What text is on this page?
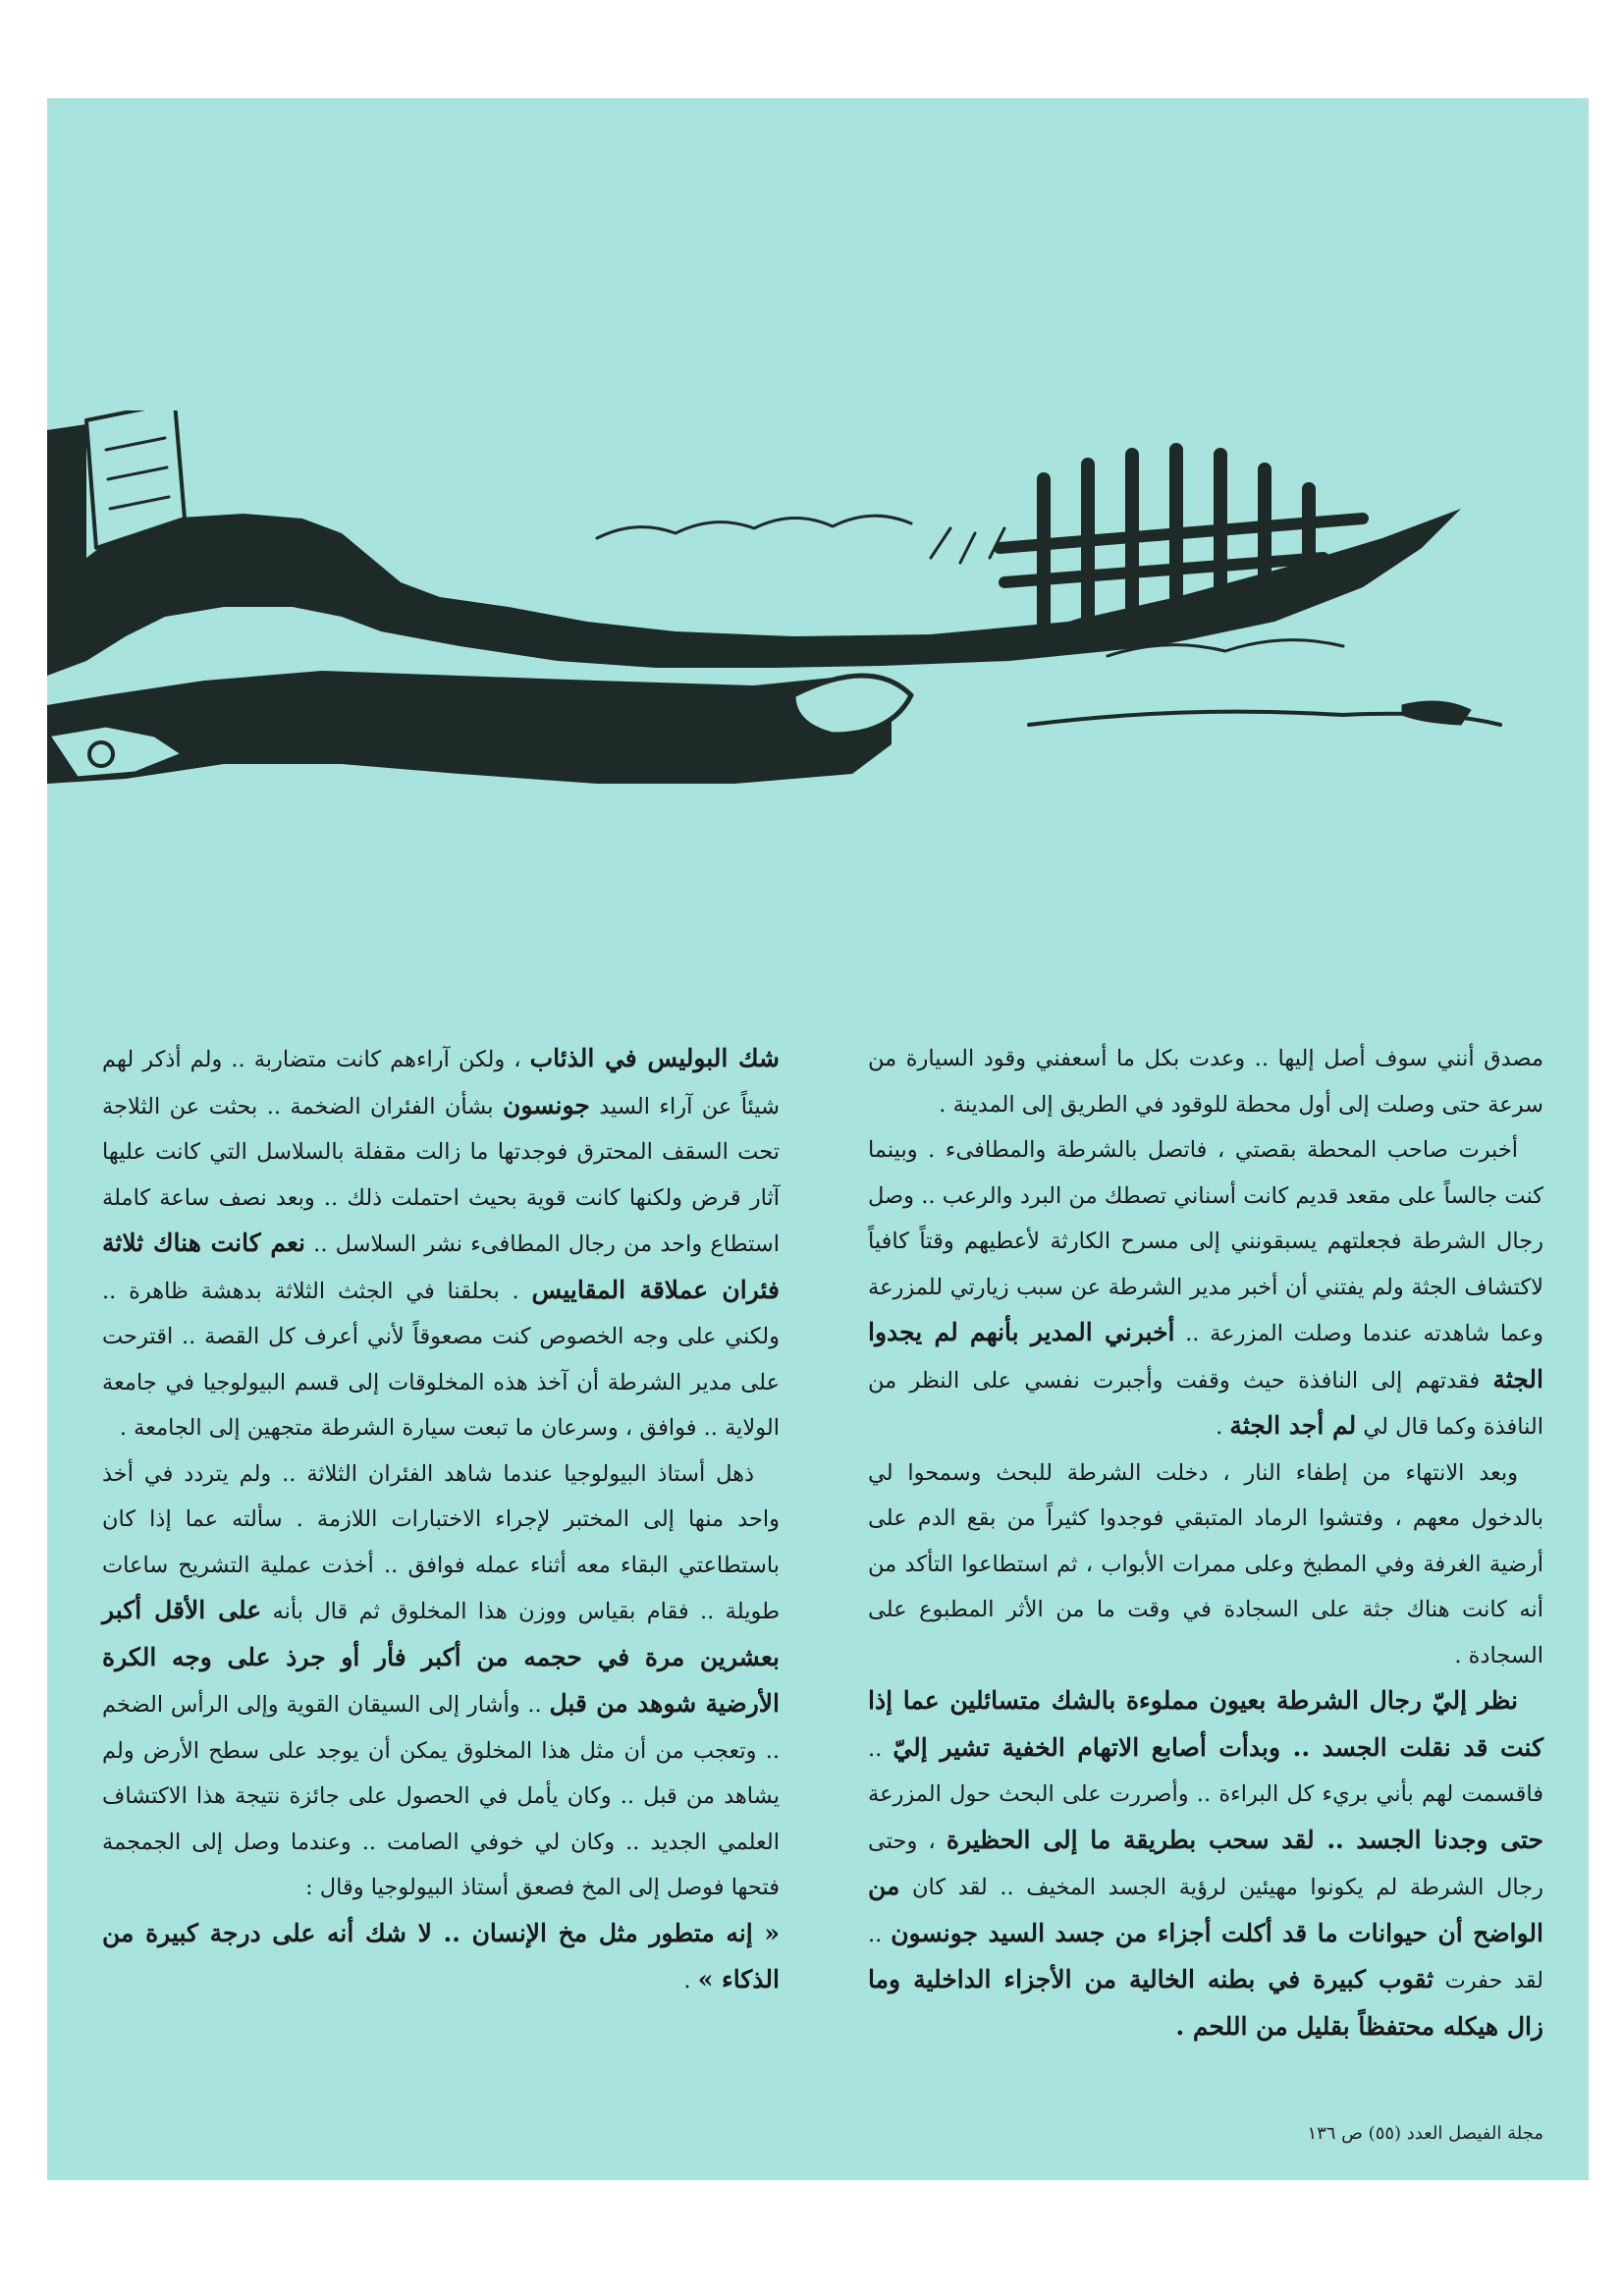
مصدق أنني سوف أصل إليها .. وعدت بكل ما أسعفني وقود السيارة من سرعة حتى وصلت إلى أول محطة للوقود في الطريق إلى المدينة .

أخبرت صاحب المحطة بقصتي ، فاتصل بالشرطة والمطافىء . وبينما كنت جالساً على مقعد قديم كانت أسناني تصطك من البرد والرعب .. وصل رجال الشرطة فجعلتهم يسبقونني إلى مسرح الكارثة لأعطيهم وقتاً كافياً لاكتشاف الجثة ولم يفتني أن أخبر مدير الشرطة عن سبب زيارتي للمزرعة وعما شاهدته عندما وصلت المزرعة .. أخبرني المدير بأنهم لم يجدوا الجثة فقدتهم إلى النافذة حيث وقفت وأجبرت نفسي على النظر من النافذة وكما قال لي لم أجد الجثة .

وبعد الانتهاء من إطفاء النار ، دخلت الشرطة للبحث وسمحوا لي بالدخول معهم ، وفتشوا الرماد المتبقي فوجدوا كثيراً من بقع الدم على أرضية الغرفة وفي المطبخ وعلى ممرات الأبواب ، ثم استطاعوا التأكد من أنه كانت هناك جثة على السجادة في وقت ما من الأثر المطبوع على السجادة .

نظر إليّ رجال الشرطة بعيون مملوءة بالشك متسائلين عما إذا كنت قد نقلت الجسد .. وبدأت أصابع الاتهام الخفية تشير إليّ .. فاقسمت لهم بأني بريء كل البراءة .. وأصررت على البحث حول المزرعة حتى وجدنا الجسد .. لقد سحب بطريقة ما إلى الحظيرة ، وحتى رجال الشرطة لم يكونوا مهيئين لرؤية الجسد المخيف .. لقد كان من الواضح أن حيوانات ما قد أكلت أجزاء من جسد السيد جونسون .. لقد حفرت ثقوب كبيرة في بطنه الخالية من الأجزاء الداخلية وما زال هيكله محتفظاً بقليل من اللحم .

شك البوليس في الذئاب ، ولكن آراءهم كانت متضاربة .. ولم أذكر لهم شيئاً عن آراء السيد جونسون بشأن الفئران الضخمة .. بحثت عن الثلاجة تحت السقف المحترق فوجدتها ما زالت مقفلة بالسلاسل التي كانت عليها آثار قرض ولكنها كانت قوية بحيث احتملت ذلك .. وبعد نصف ساعة كاملة استطاع واحد من رجال المطافىء نشر السلاسل .. نعم كانت هناك ثلاثة فئران عملاقة المقاييس . بحلقنا في الجثث الثلاثة بدهشة ظاهرة .. ولكني على وجه الخصوص كنت مصعوقاً لأني أعرف كل القصة .. اقترحت على مدير الشرطة أن آخذ هذه المخلوقات إلى قسم البيولوجيا في جامعة الولاية .. فوافق ، وسرعان ما تبعت سيارة الشرطة متجهين إلى الجامعة .

ذهل أستاذ البيولوجيا عندما شاهد الفئران الثلاثة .. ولم يتردد في أخذ واحد منها إلى المختبر لإجراء الاختبارات اللازمة . سألته عما إذا كان باستطاعتي البقاء معه أثناء عمله فوافق .. أخذت عملية التشريح ساعات طويلة .. فقام بقياس ووزن هذا المخلوق ثم قال بأنه على الأقل أكبر بعشرين مرة في حجمه من أكبر فأر أو جرذ على وجه الكرة الأرضية شوهد من قبل .. وأشار إلى السيقان القوية وإلى الرأس الضخم .. وتعجب من أن مثل هذا المخلوق يمكن أن يوجد على سطح الأرض ولم يشاهد من قبل .. وكان يأمل في الحصول على جائزة نتيجة هذا الاكتشاف العلمي الجديد .. وكان لي خوفي الصامت .. وعندما وصل إلى الجمجمة فتحها فوصل إلى المخ فصعق أستاذ البيولوجيا وقال :

« إنه متطور مثل مخ الإنسان .. لا شك أنه على درجة كبيرة من الذكاء » .

مجلة الفيصل العدد (٥٥) ص ١٣٦
